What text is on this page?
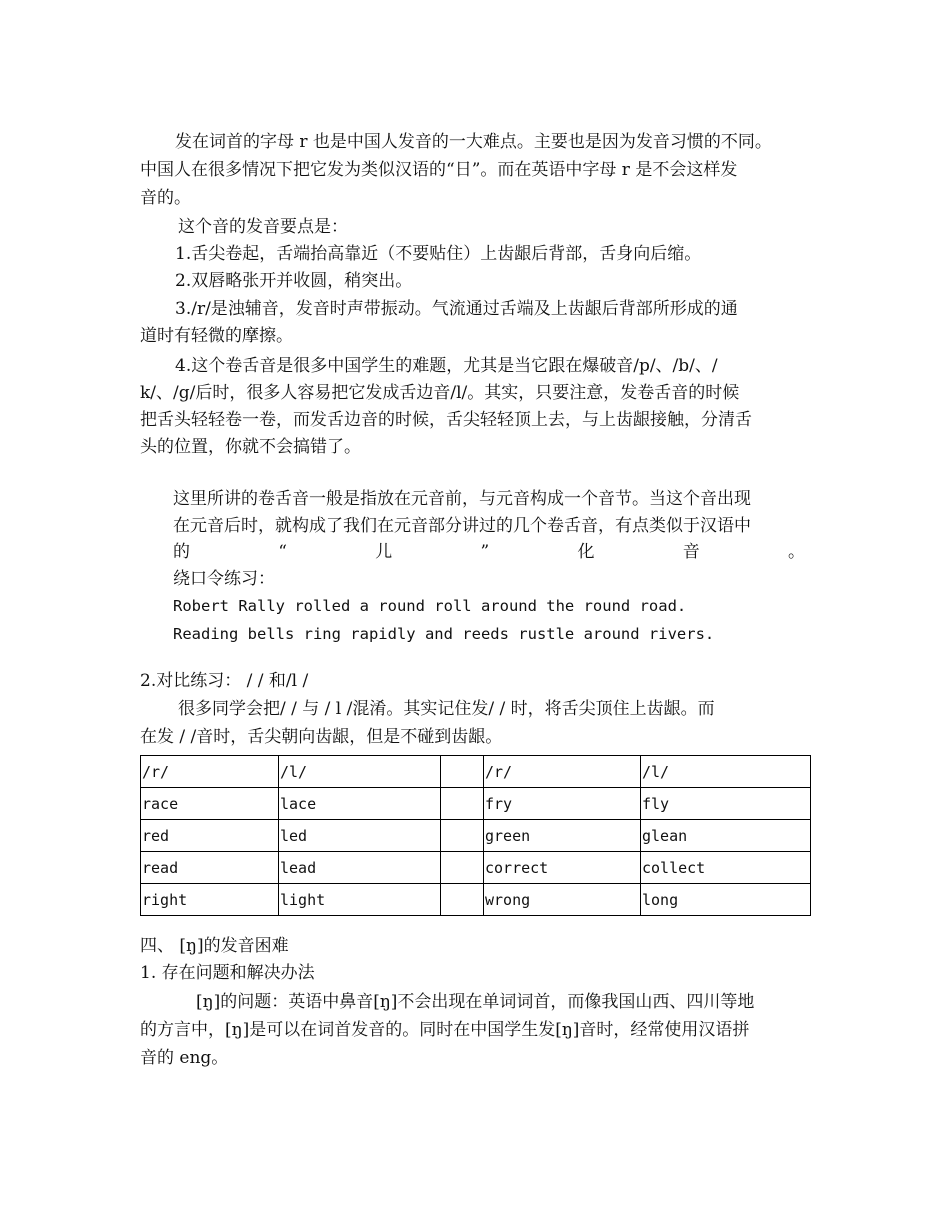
发在词首的字母 r 也是中国人发音的一大难点。主要也是因为发音习惯的不同。
中国人在很多情况下把它发为类似汉语的“日”。而在英语中字母 r 是不会这样发
音的。
这个音的发音要点是：
1.舌尖卷起，舌端抬高靠近（不要贴住）上齿龈后背部，舌身向后缩。
2.双唇略张开并收圆，稍突出。
3./r/是浊辅音，发音时声带振动。气流通过舌端及上齿龈后背部所形成的通
道时有轻微的摩擦。
4.这个卷舌音是很多中国学生的难题，尤其是当它跟在爆破音/p/、/b/、/
k/、/g/后时，很多人容易把它发成舌边音/l/。其实，只要注意，发卷舌音的时候
把舌头轻轻卷一卷，而发舌边音的时候，舌尖轻轻顶上去，与上齿龈接触，分清舌
头的位置，你就不会搞错了。
这里所讲的卷舌音一般是指放在元音前，与元音构成一个音节。当这个音出现
在元音后时，就构成了我们在元音部分讲过的几个卷舌音，有点类似于汉语中
的	“	儿	”	化	音	。
绕口令练习：
Robert Rally rolled a round roll around the round road.
Reading bells ring rapidly and reeds rustle around rivers.
2.对比练习： / / 和/l /
很多同学会把/ / 与 / l /混淆。其实记住发/ / 时，将舌尖顶住上齿龈。而
在发 / /音时，舌尖朝向齿龈，但是不碰到齿龈。
/r/	/l/		/r/	/l/
race	lace		fry	fly
red	led		green	glean
read	lead		correct	collect
right	light		wrong	long
四、 [ŋ]的发音困难
1. 存在问题和解决办法
[ŋ]的问题：英语中鼻音[ŋ]不会出现在单词词首，而像我国山西、四川等地
的方言中，[ŋ]是可以在词首发音的。同时在中国学生发[ŋ]音时，经常使用汉语拼
音的 eng。
